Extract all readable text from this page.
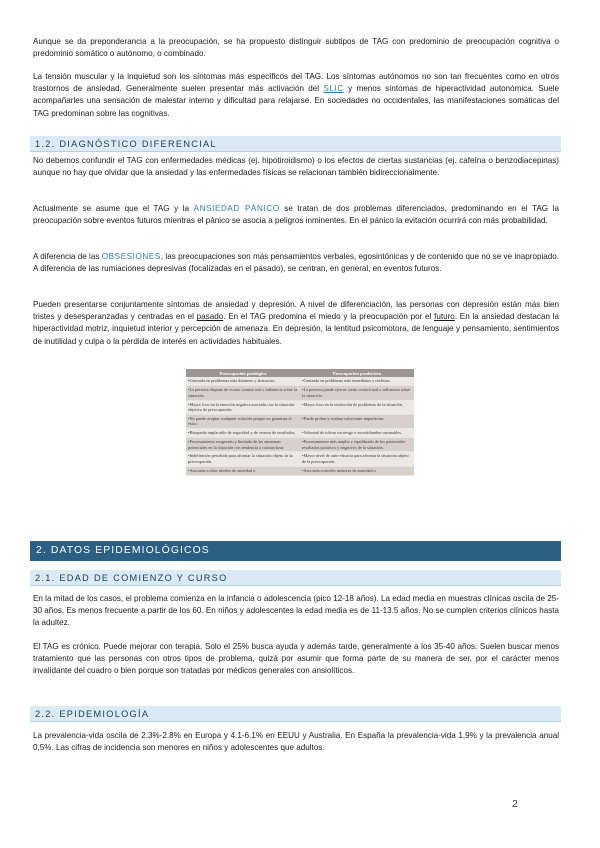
Aunque se da preponderancia a la preocupación, se ha propuesto distinguir subtipos de TAG con predominio de preocupación cognitiva o predominio somático o autónomo, o combinado.

La tensión muscular y la inquietud son los síntomas más específicos del TAG. Los síntomas autónomos no son tan frecuentes como en otros trastornos de ansiedad. Generalmente suelen presentar más activación del SLIC y menos síntomas de hiperactividad autonómica. Suele acompañarles una sensación de malestar interno y dificultad para relajarse. En sociedades no occidentales, las manifestaciones somáticas del TAG predominan sobre las cognitivas.

1.2. DIAGNÓSTICO DIFERENCIAL

No debemos confundir el TAG con enfermedades médicas (ej. hipotiroidismo) o los efectos de ciertas sustancias (ej. cafeína o benzodiacepinas) aunque no hay que olvidar que la ansiedad y las enfermedades físicas se relacionan también bidireccionalmente.

Actualmente se asume que el TAG y la ANSIEDAD PÁNICO se tratan de dos problemas diferenciados, predominando en el TAG la preocupación sobre eventos futuros mientras el pánico se asocia a peligros inminentes. En el pánico la evitación ocurrirá con más probabilidad.

A diferencia de las OBSESIONES, las preocupaciones son más pensamientos verbales, egosintónicas y de contenido que no se ve inapropiado. A diferencia de las rumiaciones depresivas (focalizadas en el pasado), se centran, en general, en eventos futuros.

Pueden presentarse conjuntamente síntomas de ansiedad y depresión. A nivel de diferenciación, las personas con depresión están más bien tristes y desesperanzadas y centradas en el pasado. En el TAG predomina el miedo y la preocupación por el futuro. En la ansiedad destacan la hiperactividad motriz, inquietud interior y percepción de amenaza. En depresión, la lentitud psicomotora, de lenguaje y pensamiento, sentimientos de inutilidad y culpa o la pérdida de interés en actividades habituales.

Preocupación patológica	Preocupación productiva
•Centrada en problemas más distantes y abstractos.	•Centrada en problemas más inmediatos y realistas.
•La persona dispone de escaso control real o influencia sobre la situación.	•La persona puede ejercer cierto control real o influencia sobre la situación.
•Mayor foco en la emoción negativa asociada con la situación objetivo de preocupación.	•Mayor foco en la resolución de problemas de la situación.
•No puede aceptar cualquier solución porque no garantiza el éxito.	•Puede probar y evaluar soluciones imperfectas.
•Búsqueda implacable de seguridad y de certeza de resultados.	•Voluntad de tolerar un riesgo e incertidumbre razonables.
•Procesamiento exagerado y limitado de las amenazas potenciales en la situación con tendencia a catastrofizar.	•Procesamiento más amplio y equilibrado de los potenciales resultados positivos y negativos de la situación.
•Indefinición percibida para afrontar la situación objeto de la preocupación.	•Mayor nivel de auto-eficacia para afrontar la situación objeto de la preocupación.
•Asociada a altos niveles de ansiedad o	•Asociada a niveles menores de ansiedad o
2. DATOS EPIDEMIOLÓGICOS
2.1. EDAD DE COMIENZO Y CURSO

En la mitad de los casos, el problema comienza en la infancia o adolescencia (pico 12-18 años). La edad media en muestras clínicas oscila de 25-30 años. Es menos frecuente a partir de los 60. En niños y adolescentes la edad media es de 11-13.5 años. No se cumplen criterios clínicos hasta la adultez.

El TAG es crónico. Puede mejorar con terapia. Solo el 25% busca ayuda y además tarde, generalmente a los 35-40 años. Suelen buscar menos tratamiento que las personas con otros tipos de problema, quizá por asumir que forma parte de su manera de ser, por el carácter menos invalidante del cuadro o bien porque son tratadas por médicos generales con ansiolíticos.

2.2. EPIDEMIOLOGÍA

La prevalencia-vida oscila de 2.3%-2.8% en Europa y 4.1-6.1% en EEUU y Australia. En España la prevalencia-vida 1,9% y la prevalencia anual 0,5%. Las cifras de incidencia son menores en niños y adolescentes que adultos.

2
